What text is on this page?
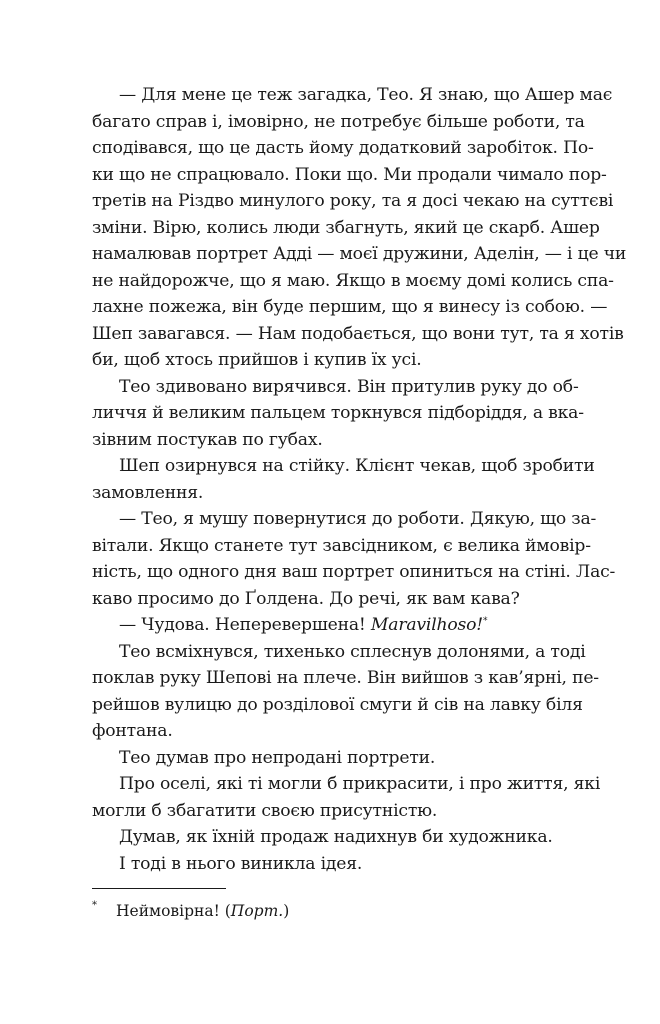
— Для мене це теж загадка, Тео. Я знаю, що Ашер має
багато справ і, імовірно, не потребує більше роботи, та
сподівався, що це дасть йому додатковий заробіток. По-
ки що не спрацювало. Поки що. Ми продали чимало пор-
третів на Різдво минулого року, та я досі чекаю на суттєві
зміни. Вірю, колись люди збагнуть, який це скарб. Ашер
намалював портрет Адді — моєї дружини, Аделін, — і це чи
не найдорожче, що я маю. Якщо в моєму домі колись спа-
лахне пожежа, він буде першим, що я винесу із собою. —
Шеп завагався. — Нам подобається, що вони тут, та я хотів
би, щоб хтось прийшов і купив їх усі.
Тео здивовано вирячився. Він притулив руку до об-
личчя й великим пальцем торкнувся підборіддя, а вка-
зівним постукав по губах.
Шеп озирнувся на стійку. Клієнт чекав, щоб зробити
замовлення.
— Тео, я мушу повернутися до роботи. Дякую, що за-
вітали. Якщо станете тут завсідником, є велика ймовір-
ність, що одного дня ваш портрет опиниться на стіні. Лас-
каво просимо до Ґолдена. До речі, як вам кава?
— Чудова. Неперевершена! Maravilhoso!*
Тео всміхнувся, тихенько сплеснув долонями, а тоді
поклав руку Шепові на плече. Він вийшов з кав’ярні, пе-
рейшов вулицю до розділової смуги й сів на лавку біля
фонтана.
Тео думав про непродані портрети.
Про оселі, які ті могли б прикрасити, і про життя, які
могли б збагатити своєю присутністю.
Думав, як їхній продаж надихнув би художника.
І тоді в нього виникла ідея.
* Неймовірна! (Порт.)
